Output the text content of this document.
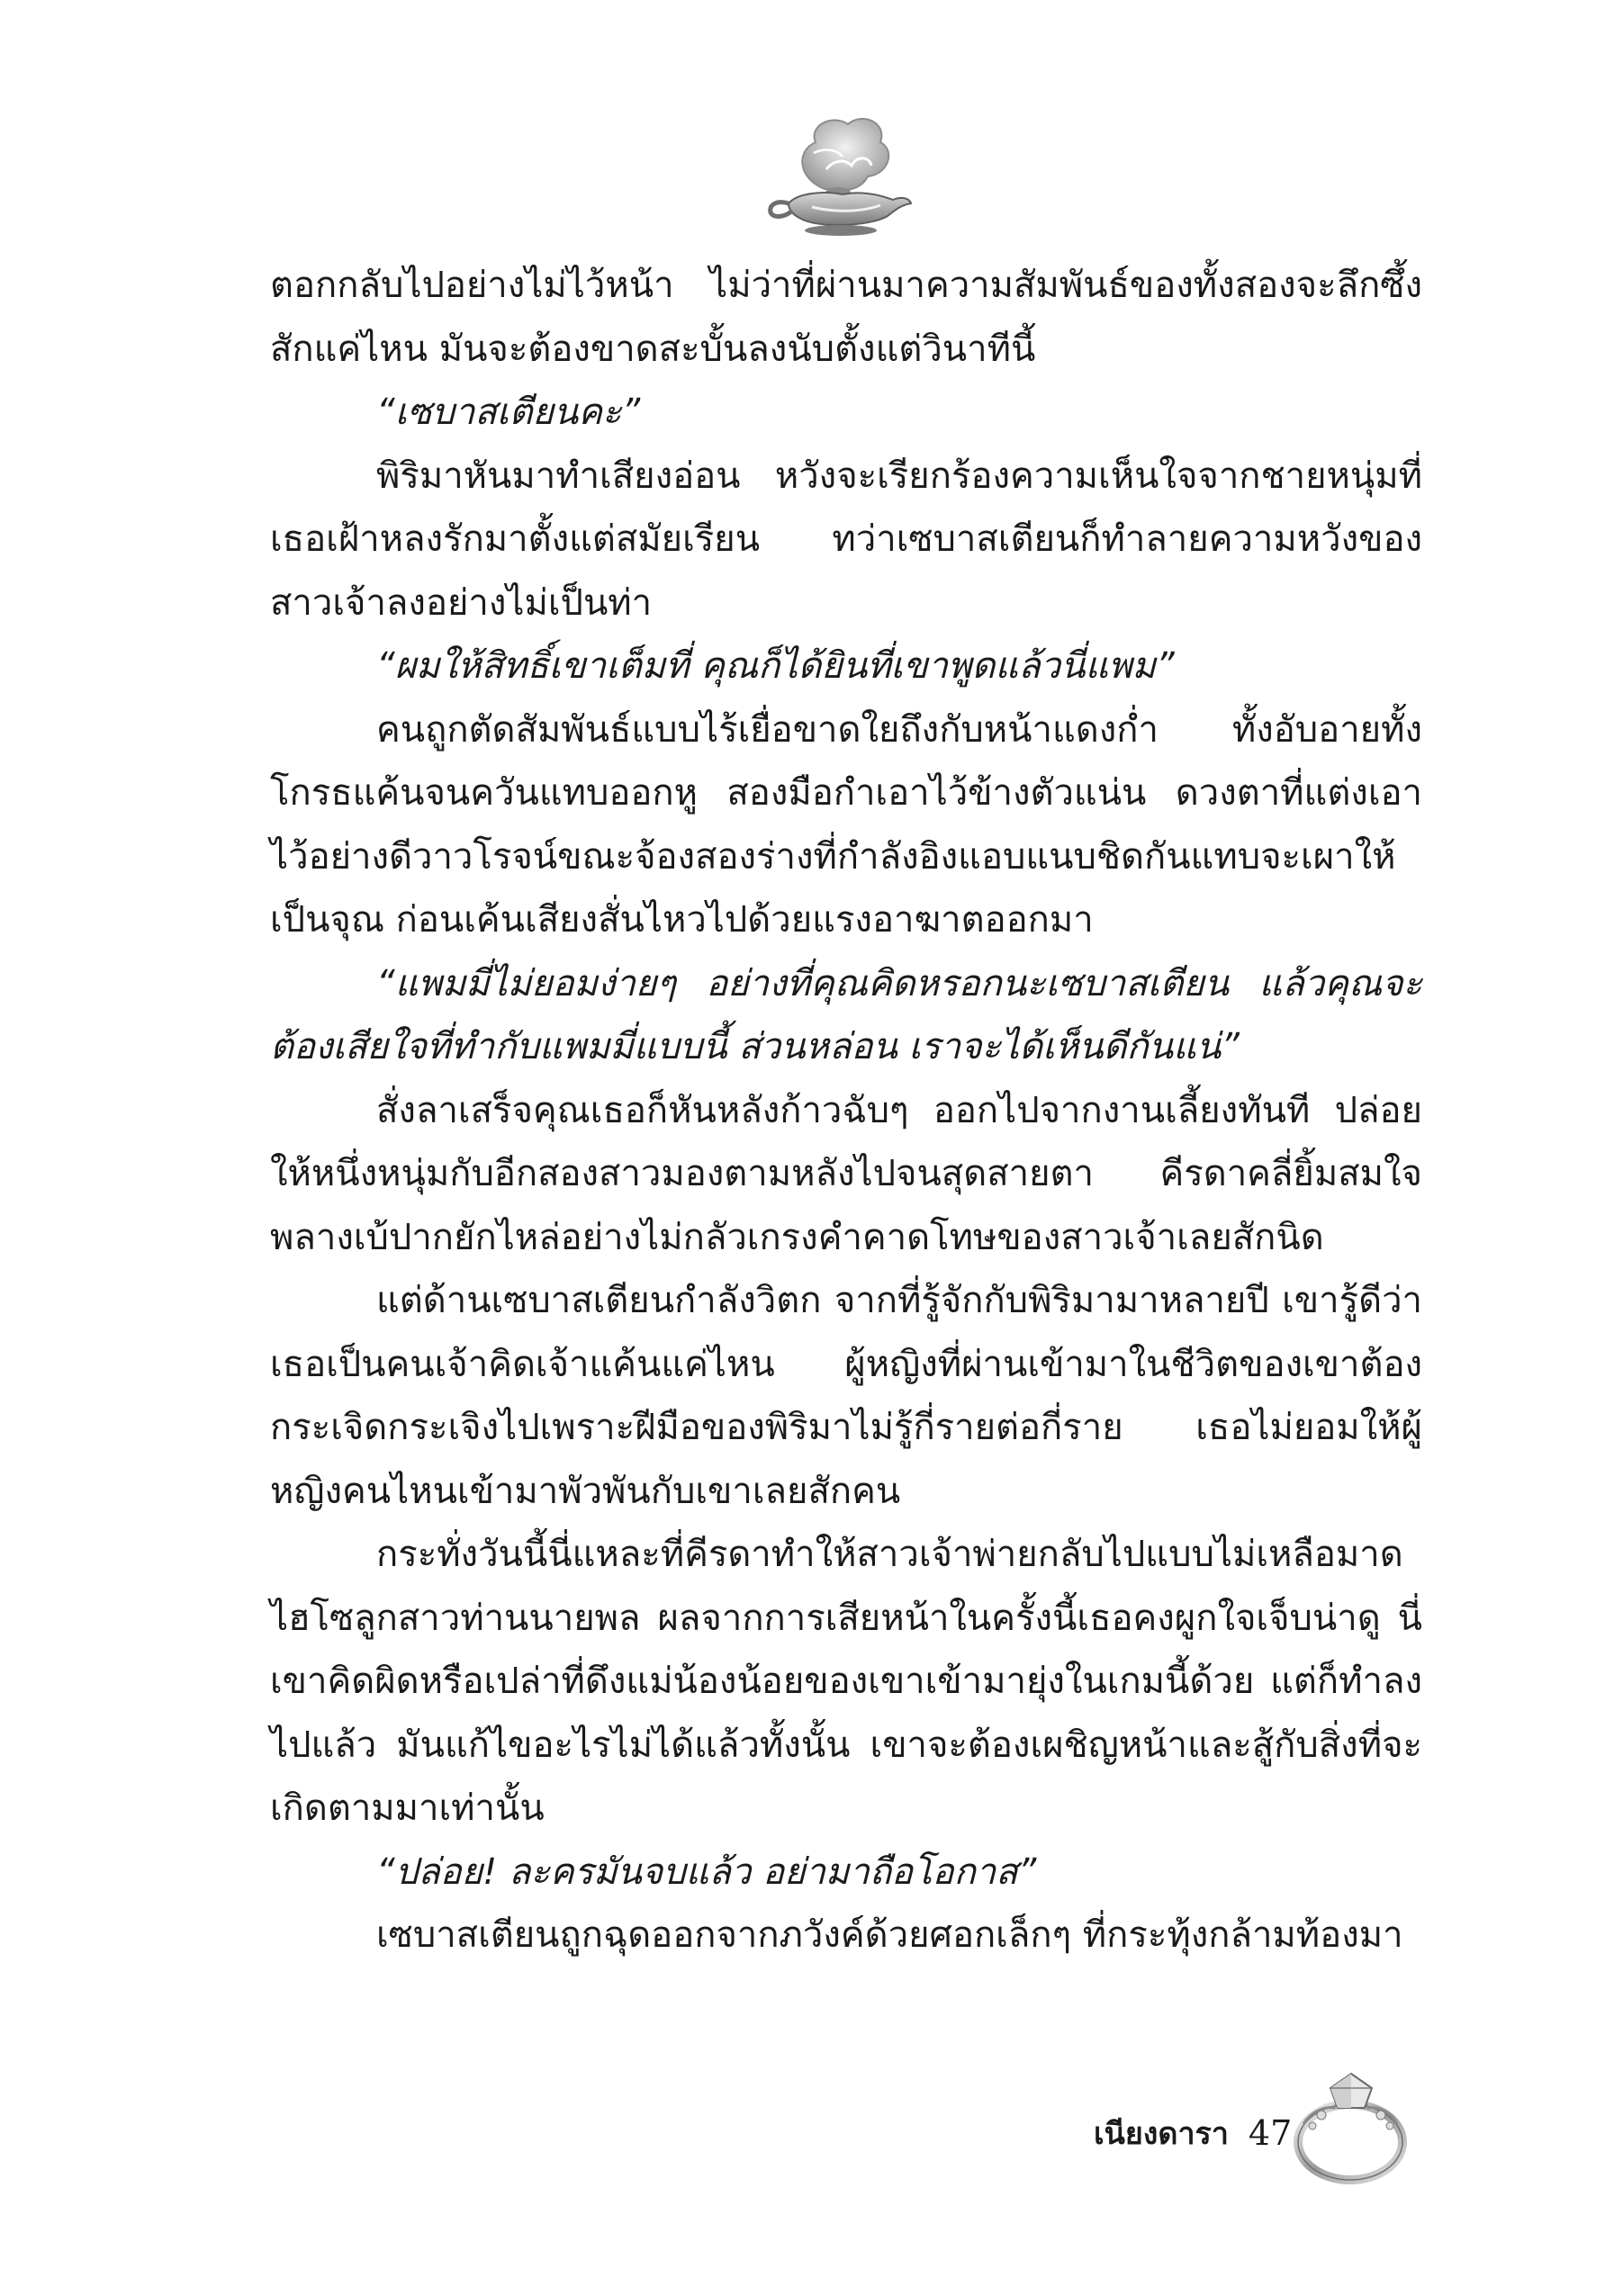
ตอกกลับไปอย่างไม่ไว้หน้า ไม่ว่าที่ผ่านมาความสัมพันธ์ของทั้งสองจะลึกซึ้งสักแค่ไหน มันจะต้องขาดสะบั้นลงนับตั้งแต่วินาทีนี้

“เซบาสเตียนคะ”

พิริมาหันมาทำเสียงอ่อน หวังจะเรียกร้องความเห็นใจจากชายหนุ่มที่เธอเฝ้าหลงรักมาตั้งแต่สมัยเรียน ทว่าเซบาสเตียนก็ทำลายความหวังของสาวเจ้าลงอย่างไม่เป็นท่า

“ผมให้สิทธิ์เขาเต็มที่ คุณก็ได้ยินที่เขาพูดแล้วนี่แพม”

คนถูกตัดสัมพันธ์แบบไร้เยื่อขาดใยถึงกับหน้าแดงก่ำ ทั้งอับอายทั้งโกรธแค้นจนควันแทบออกหู สองมือกำเอาไว้ข้างตัวแน่น ดวงตาที่แต่งเอาไว้อย่างดีวาวโรจน์ขณะจ้องสองร่างที่กำลังอิงแอบแนบชิดกันแทบจะเผาให้เป็นจุณ ก่อนเค้นเสียงสั่นไหวไปด้วยแรงอาฆาตออกมา

“แพมมี่ไม่ยอมง่ายๆ อย่างที่คุณคิดหรอกนะเซบาสเตียน แล้วคุณจะต้องเสียใจที่ทำกับแพมมี่แบบนี้ ส่วนหล่อน เราจะได้เห็นดีกันแน่”

สั่งลาเสร็จคุณเธอก็หันหลังก้าวฉับๆ ออกไปจากงานเลี้ยงทันที ปล่อยให้หนึ่งหนุ่มกับอีกสองสาวมองตามหลังไปจนสุดสายตา คีรดาคลี่ยิ้มสมใจพลางเบ้ปากยักไหล่อย่างไม่กลัวเกรงคำคาดโทษของสาวเจ้าเลยสักนิด

แต่ด้านเซบาสเตียนกำลังวิตก จากที่รู้จักกับพิริมามาหลายปี เขารู้ดีว่าเธอเป็นคนเจ้าคิดเจ้าแค้นแค่ไหน ผู้หญิงที่ผ่านเข้ามาในชีวิตของเขาต้องกระเจิดกระเจิงไปเพราะฝีมือของพิริมาไม่รู้กี่รายต่อกี่ราย เธอไม่ยอมให้ผู้หญิงคนไหนเข้ามาพัวพันกับเขาเลยสักคน

กระทั่งวันนี้นี่แหละที่คีรดาทำให้สาวเจ้าพ่ายกลับไปแบบไม่เหลือมาดไฮโซลูกสาวท่านนายพล ผลจากการเสียหน้าในครั้งนี้เธอคงผูกใจเจ็บน่าดู นี่เขาคิดผิดหรือเปล่าที่ดึงแม่น้องน้อยของเขาเข้ามายุ่งในเกมนี้ด้วย แต่ก็ทำลงไปแล้ว มันแก้ไขอะไรไม่ได้แล้วทั้งนั้น เขาจะต้องเผชิญหน้าและสู้กับสิ่งที่จะเกิดตามมาเท่านั้น

“ปล่อย! ละครมันจบแล้ว อย่ามาถือโอกาส”

เซบาสเตียนถูกฉุดออกจากภวังค์ด้วยศอกเล็กๆ ที่กระทุ้งกล้ามท้องมา

เนียงดารา 47
